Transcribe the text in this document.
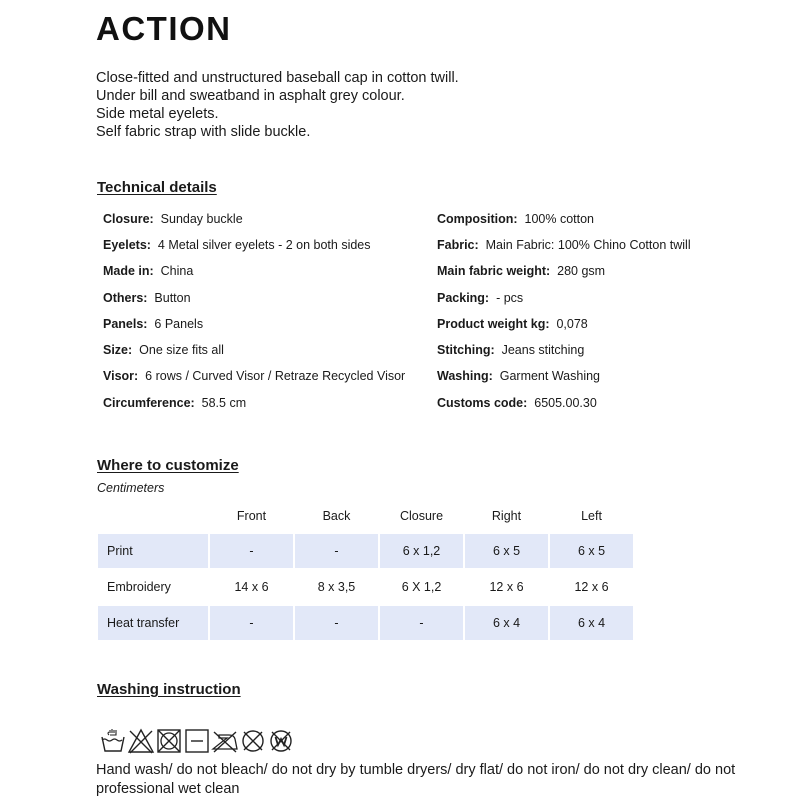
ACTION
Close-fitted and unstructured baseball cap in cotton twill.
Under bill and sweatband in asphalt grey colour.
Side metal eyelets.
Self fabric strap with slide buckle.
Technical details
Closure: Sunday buckle
Eyelets: 4 Metal silver eyelets - 2 on both sides
Made in: China
Others: Button
Panels: 6 Panels
Size: One size fits all
Visor: 6 rows / Curved Visor / Retraze Recycled Visor
Circumference: 58.5 cm
Composition: 100% cotton
Fabric: Main Fabric: 100% Chino Cotton twill
Main fabric weight: 280 gsm
Packing: - pcs
Product weight kg: 0,078
Stitching: Jeans stitching
Washing: Garment Washing
Customs code: 6505.00.30
Where to customize
Centimeters
	Front	Back	Closure	Right	Left
Print	-	-	6 x 1,2	6 x 5	6 x 5
Embroidery	14 x 6	8 x 3,5	6 X 1,2	12 x 6	12 x 6
Heat transfer	-	-	-	6 x 4	6 x 4
Washing instruction
Hand wash/ do not bleach/ do not dry by tumble dryers/ dry flat/ do not iron/ do not dry clean/ do not professional wet clean
